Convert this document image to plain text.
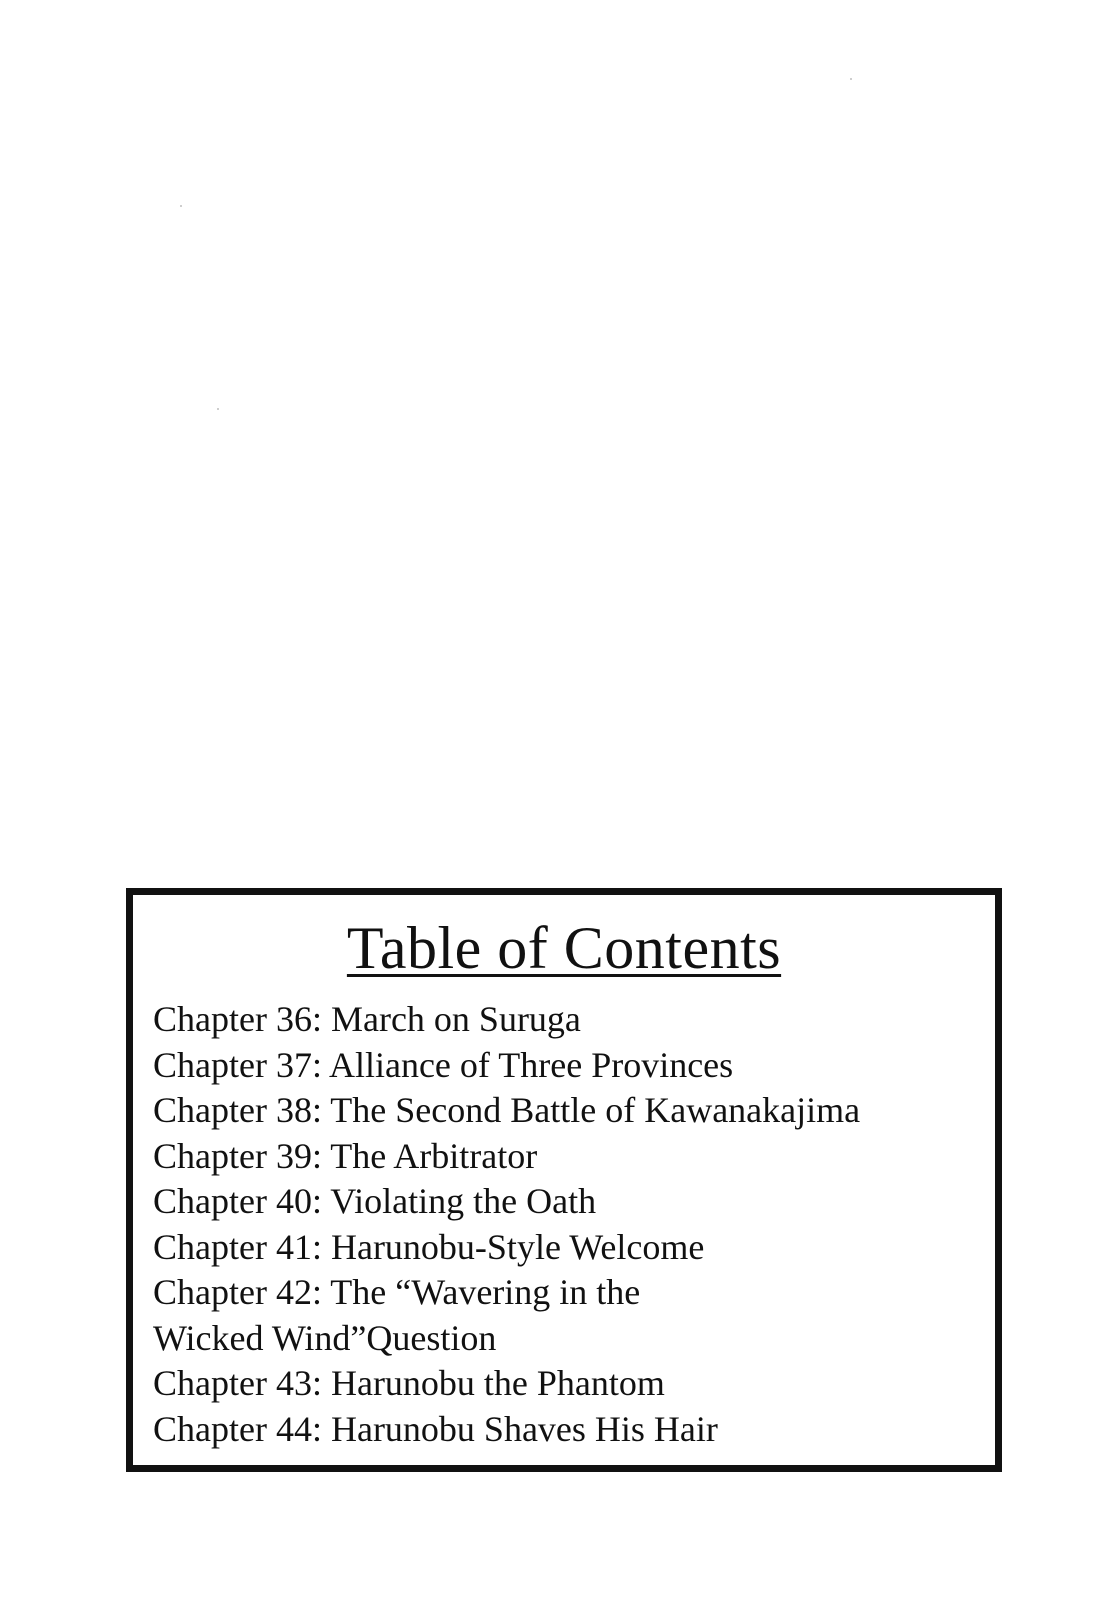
Table of Contents
Chapter 36: March on Suruga
Chapter 37: Alliance of Three Provinces
Chapter 38: The Second Battle of Kawanakajima
Chapter 39: The Arbitrator
Chapter 40: Violating the Oath
Chapter 41: Harunobu-Style Welcome
Chapter 42: The “Wavering in the
Wicked Wind”Question
Chapter 43: Harunobu the Phantom
Chapter 44: Harunobu Shaves His Hair
